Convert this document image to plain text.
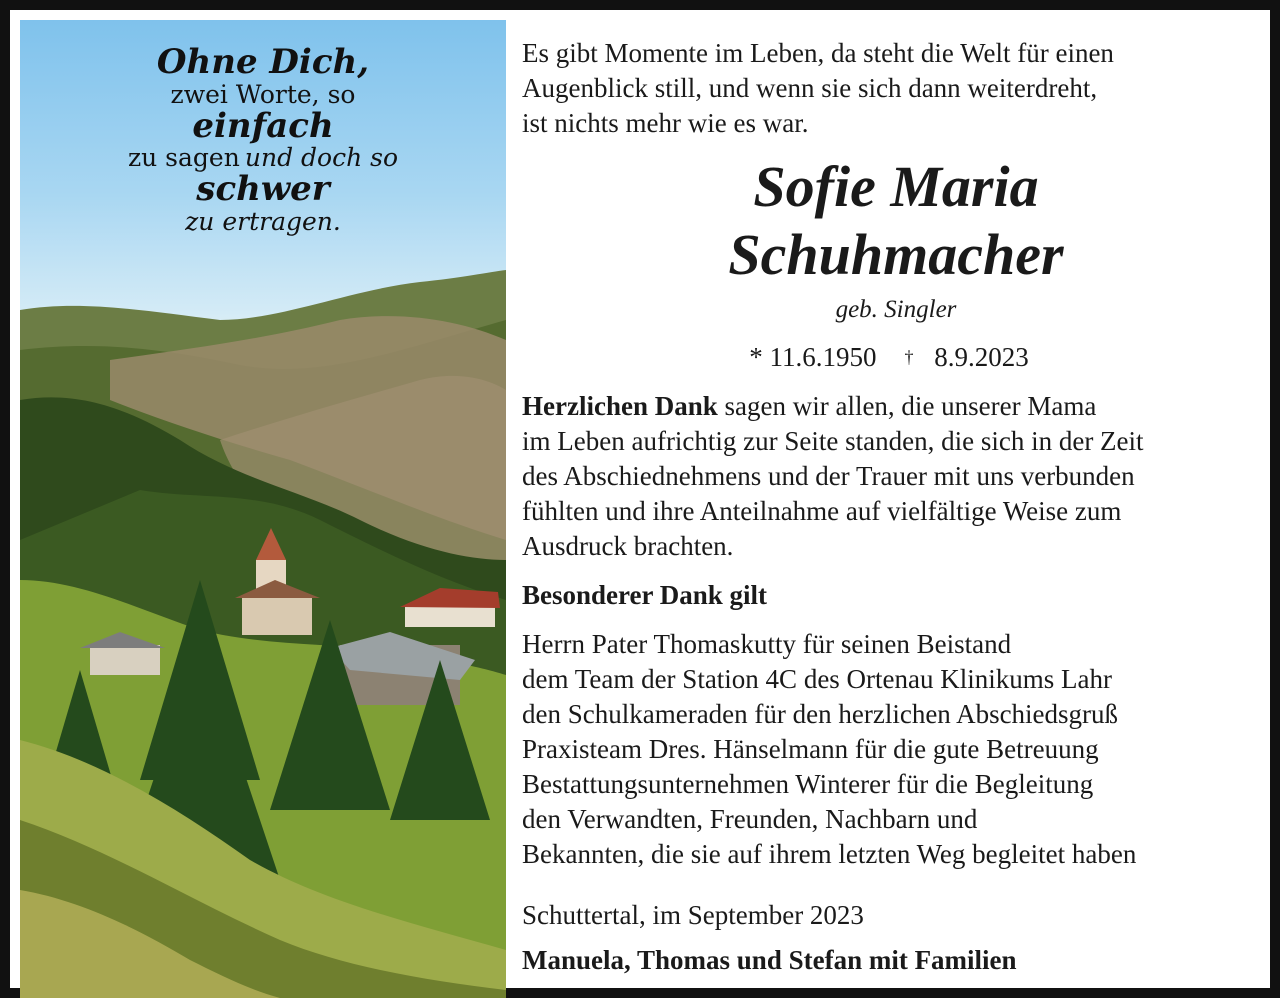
Ohne Dich,
zwei Worte, so
einfach
zu sagen und doch so
schwer
zu ertragen.

Es gibt Momente im Leben, da steht die Welt für einen

Augenblick still, und wenn sie sich dann weiterdreht,

ist nichts mehr wie es war.

Sofie Maria
Schuhmacher

geb. Singler

* 11.6.1950 † 8.9.2023

Herzlichen Dank sagen wir allen, die unserer Mama

im Leben aufrichtig zur Seite standen, die sich in der Zeit

des Abschiednehmens und der Trauer mit uns verbunden

fühlten und ihre Anteilnahme auf vielfältige Weise zum

Ausdruck brachten.

Besonderer Dank gilt

Herrn Pater Thomaskutty für seinen Beistand

dem Team der Station 4C des Ortenau Klinikums Lahr

den Schulkameraden für den herzlichen Abschiedsgruß

Praxisteam Dres. Hänselmann für die gute Betreuung

Bestattungsunternehmen Winterer für die Begleitung

den Verwandten, Freunden, Nachbarn und

Bekannten, die sie auf ihrem letzten Weg begleitet haben

Schuttertal, im September 2023

Manuela, Thomas und Stefan mit Familien
